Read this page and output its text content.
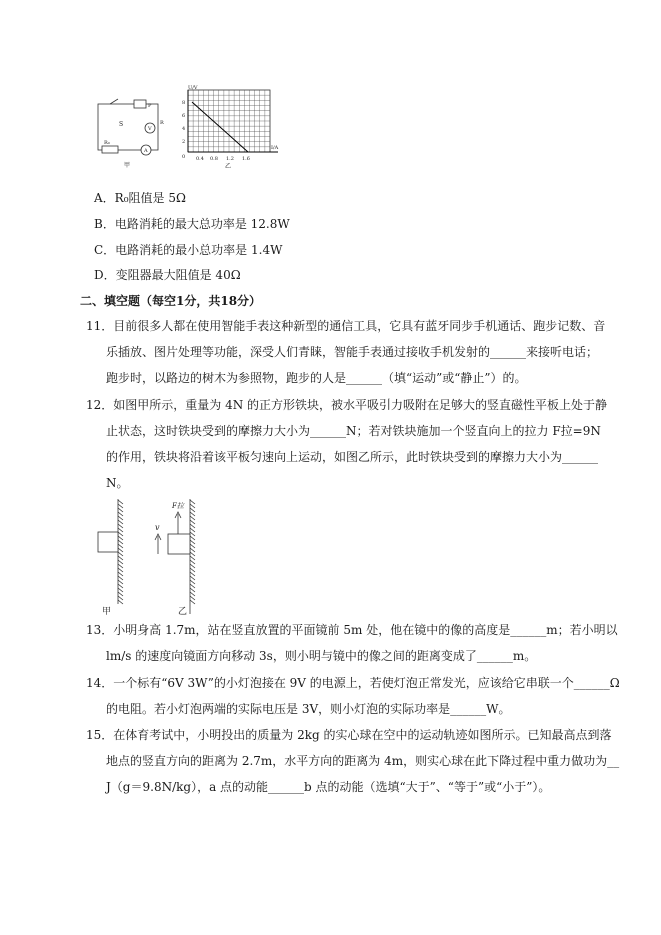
S
P
R
V
R₀
A
甲
U/V
I/A
8
6
4
2
0 0.4 0.8 1.2 1.6
乙
A．R₀阻值是 5Ω
B．电路消耗的最大总功率是 12.8W
C．电路消耗的最小总功率是 1.4W
D．变阻器最大阻值是 40Ω
二、填空题（每空1分，共18分）
11．目前很多人都在使用智能手表这种新型的通信工具，它具有蓝牙同步手机通话、跑步记数、音
乐插放、图片处理等功能，深受人们青睐，智能手表通过接收手机发射的______来接听电话；
跑步时，以路边的树木为参照物，跑步的人是______（填“运动”或“静止”）的。
12．如图甲所示，重量为 4N 的正方形铁块，被水平吸引力吸附在足够大的竖直磁性平板上处于静
止状态，这时铁块受到的摩擦力大小为______N；若对铁块施加一个竖直向上的拉力 F拉=9N
的作用，铁块将沿着该平板匀速向上运动，如图乙所示，此时铁块受到的摩擦力大小为______
N。
v
F拉
甲	乙
13．小明身高 1.7m，站在竖直放置的平面镜前 5m 处，他在镜中的像的高度是______m；若小明以
lm/s 的速度向镜面方向移动 3s，则小明与镜中的像之间的距离变成了______m。
14．一个标有“6V 3W”的小灯泡接在 9V 的电源上，若使灯泡正常发光，应该给它串联一个______Ω
的电阻。若小灯泡两端的实际电压是 3V，则小灯泡的实际功率是______W。
15．在体育考试中，小明投出的质量为 2kg 的实心球在空中的运动轨迹如图所示。已知最高点到落
地点的竖直方向的距离为 2.7m，水平方向的距离为 4m，则实心球在此下降过程中重力做功为__
J（g＝9.8N/kg），a 点的动能______b 点的动能（选填“大于”、“等于”或“小于”）。
